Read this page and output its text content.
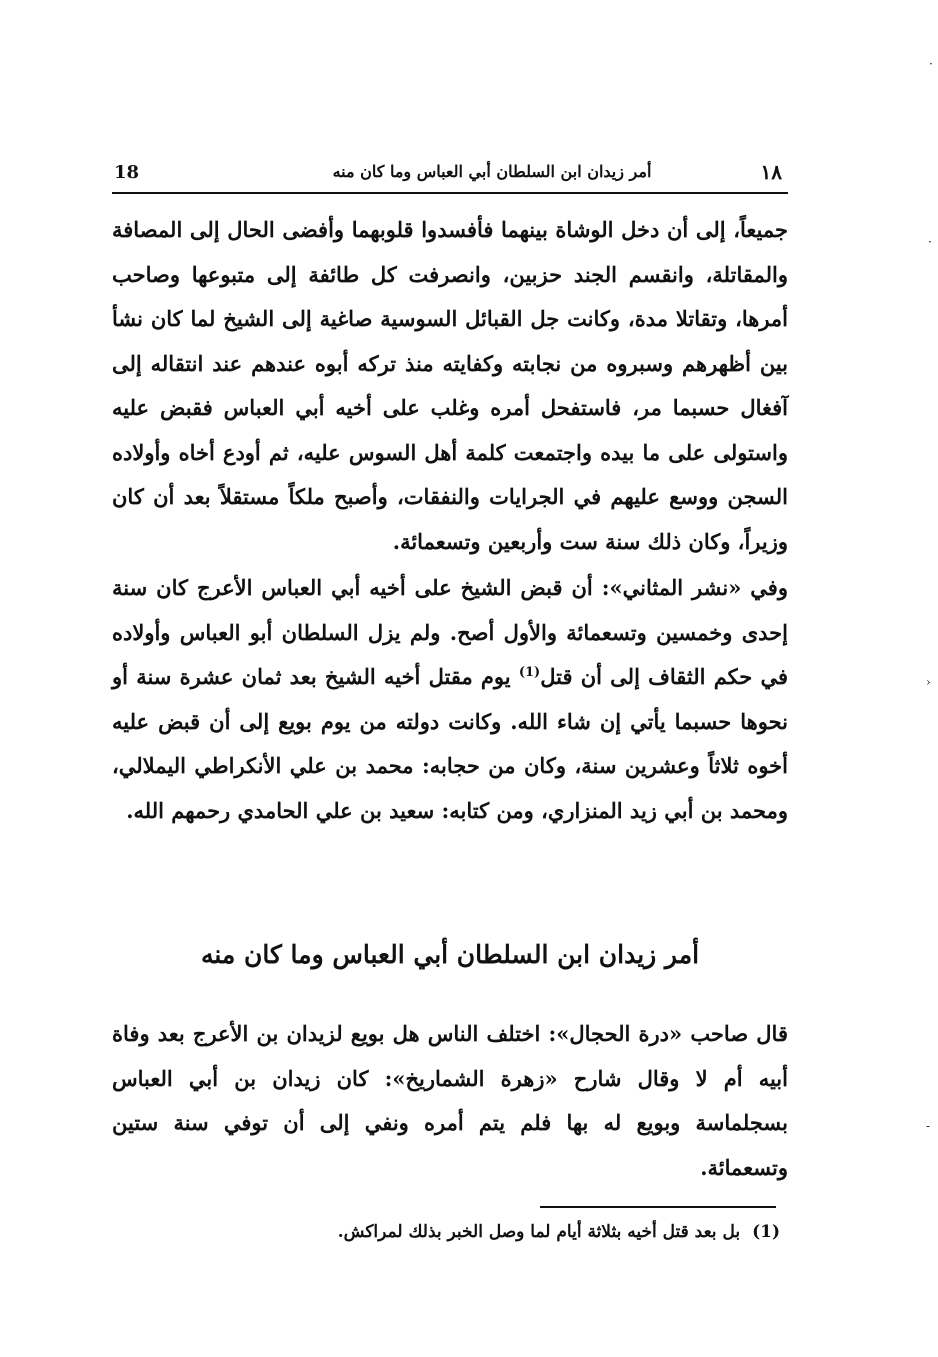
18	أمر زيدان ابن السلطان أبي العباس وما كان منه	١٨

جميعاً، إلى أن دخل الوشاة بينهما فأفسدوا قلوبهما وأفضى الحال إلى المصافة والمقاتلة، وانقسم الجند حزبين، وانصرفت كل طائفة إلى متبوعها وصاحب أمرها، وتقاتلا مدة، وكانت جل القبائل السوسية صاغية إلى الشيخ لما كان نشأ بين أظهرهم وسبروه من نجابته وكفايته منذ تركه أبوه عندهم عند انتقاله إلى آفغال حسبما مر، فاستفحل أمره وغلب على أخيه أبي العباس فقبض عليه واستولى على ما بيده واجتمعت كلمة أهل السوس عليه، ثم أودع أخاه وأولاده السجن ووسع عليهم في الجرايات والنفقات، وأصبح ملكاً مستقلاً بعد أن كان وزيراً، وكان ذلك سنة ست وأربعين وتسعمائة.

وفي «نشر المثاني»: أن قبض الشيخ على أخيه أبي العباس الأعرج كان سنة إحدى وخمسين وتسعمائة والأول أصح. ولم يزل السلطان أبو العباس وأولاده في حكم الثقاف إلى أن قتل$^{(1)}$ يوم مقتل أخيه الشيخ بعد ثمان عشرة سنة أو نحوها حسبما يأتي إن شاء الله. وكانت دولته من يوم بويع إلى أن قبض عليه أخوه ثلاثاً وعشرين سنة، وكان من حجابه: محمد بن علي الأنكراطي اليملالي، ومحمد بن أبي زيد المنزاري، ومن كتابه: سعيد بن علي الحامدي رحمهم الله.

أمر زيدان ابن السلطان أبي العباس وما كان منه

قال صاحب «درة الحجال»: اختلف الناس هل بويع لزيدان بن الأعرج بعد وفاة أبيه أم لا وقال شارح «زهرة الشماريخ»: كان زيدان بن أبي العباس بسجلماسة وبويع له بها فلم يتم أمره ونفي إلى أن توفي سنة ستين وتسعمائة.

(1)بل بعد قتل أخيه بثلاثة أيام لما وصل الخبر بذلك لمراكش.
·
·
›
-
